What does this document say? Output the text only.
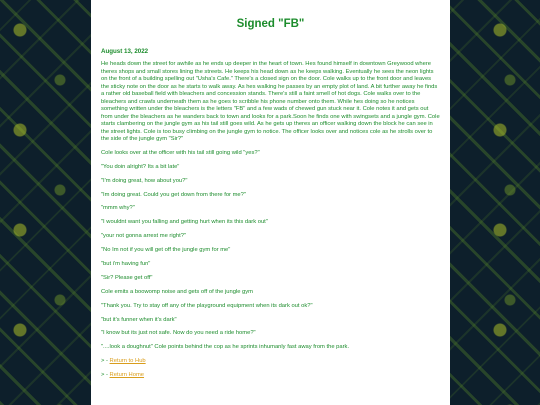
Signed "FB"
August 13, 2022

He heads down the street for awhile as he ends up deeper in the heart of town. Hes found himself in downtown Greywood where theres shops and small stores lining the streets. He keeps his head down as he keeps walking. Eventually he sees the neon lights on the front of a building spelling out "Usha's Cafe." There's a closed sign on the door. Cole walks up to the front door and leaves the sticky note on the door as he starts to walk away. As hes walking he passes by an empty plot of land. A bit further away he finds a rather old baseball field with bleachers and concession stands. There's still a faint smell of hot dogs. Cole walks over to the bleachers and crawls underneath them as he goes to scribble his phone number onto them. While hes doing so he notices something written under the bleachers is the letters "FB" and a few wads of chewed gun stuck near it. Cole notes it and gets out from under the bleachers as he wanders back to town and looks for a park.Soon he finds one with swingsets and a jungle gym. Cole starts clambering on the jungle gym as his tail still goes wild. As he gets up theres an officer walking down the block he can see in the street lights. Cole is too busy climbing on the jungle gym to notice. The officer looks over and notices cole as he strolls over to the side of the jungle gym "Sir?"

Cole looks over at the officer with his tail still going wild "yes?"

"You doin alright? Its a bit late"

"I'm doing great, how about you?"

"Im doing great. Could you get down from there for me?"

"mmm why?"

"I wouldnt want you falling and getting hurt when its this dark out"

"your not gonna arrest me right?"

"No Im not if you will get off the jungle gym for me"

"but i'm having fun"

"Sir? Please get off"

Cole emits a boowomp noise and gets off of the jungle gym

"Thank you. Try to stay off any of the playground equipment when its dark out ok?"

"but it's funner when it's dark"

"I know but its just not safe. Now do you need a ride home?"

"....look a doughnut" Cole points behind the cop as he sprints inhumanly fast away from the park.

> - Return to Hub

> - Return Home
